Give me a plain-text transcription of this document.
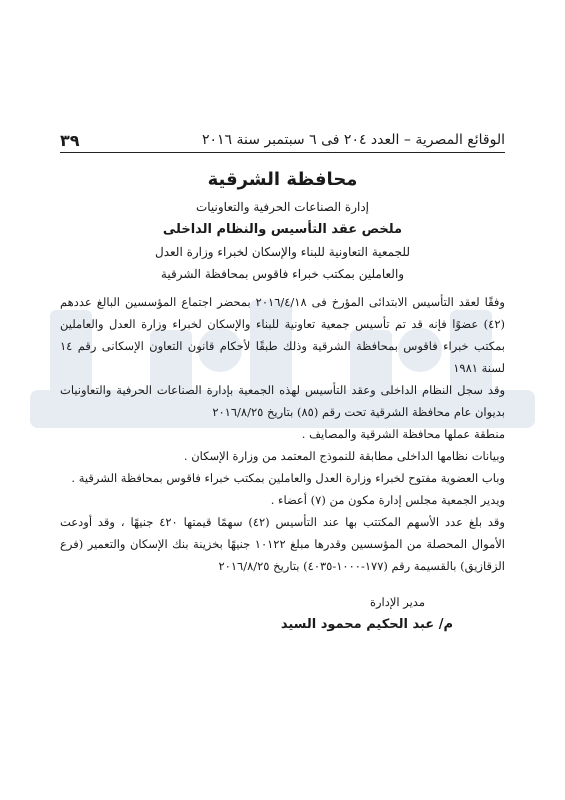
الوقائع المصرية – العدد ٢٠٤ فى ٦ سبتمبر سنة ٢٠١٦
٣٩
محافظة الشرقية
إدارة الصناعات الحرفية والتعاونيات
ملخص عقد التأسيس والنظام الداخلى
للجمعية التعاونية للبناء والإسكان لخبراء وزارة العدل
والعاملين بمكتب خبراء فاقوس بمحافظة الشرقية

وفقًا لعقد التأسيس الابتدائى المؤرخ فى ٢٠١٦/٤/١٨ بمحضر اجتماع المؤسسين البالغ عددهم (٤٢) عضوًا فإنه قد تم تأسيس جمعية تعاونية للبناء والإسكان لخبراء وزارة العدل والعاملين بمكتب خبراء فاقوس بمحافظة الشرقية وذلك طبقًا لأحكام قانون التعاون الإسكانى رقم ١٤ لسنة ١٩٨١

وقد سجل النظام الداخلى وعقد التأسيس لهذه الجمعية بإدارة الصناعات الحرفية والتعاونيات بديوان عام محافظة الشرقية تحت رقم (٨٥) بتاريخ ٢٠١٦/٨/٢٥

منطقة عملها محافظة الشرقية والمصايف .

وبيانات نظامها الداخلى مطابقة للنموذج المعتمد من وزارة الإسكان .

وباب العضوية مفتوح لخبراء وزارة العدل والعاملين بمكتب خبراء فاقوس بمحافظة الشرقية .

ويدير الجمعية مجلس إدارة مكون من (٧) أعضاء .

وقد بلغ عدد الأسهم المكتتب بها عند التأسيس (٤٢) سهمًا قيمتها ٤٢٠ جنيهًا ، وقد أودعت الأموال المحصلة من المؤسسين وقدرها مبلغ ١٠١٢٢ جنيهًا بخزينة بنك الإسكان والتعمير (فرع الزقازيق) بالقسيمة رقم (١٧٧-١٠٠٠-٤٠٣٥) بتاريخ ٢٠١٦/٨/٢٥

مدير الإدارة
م/ عبد الحكيم محمود السيد
